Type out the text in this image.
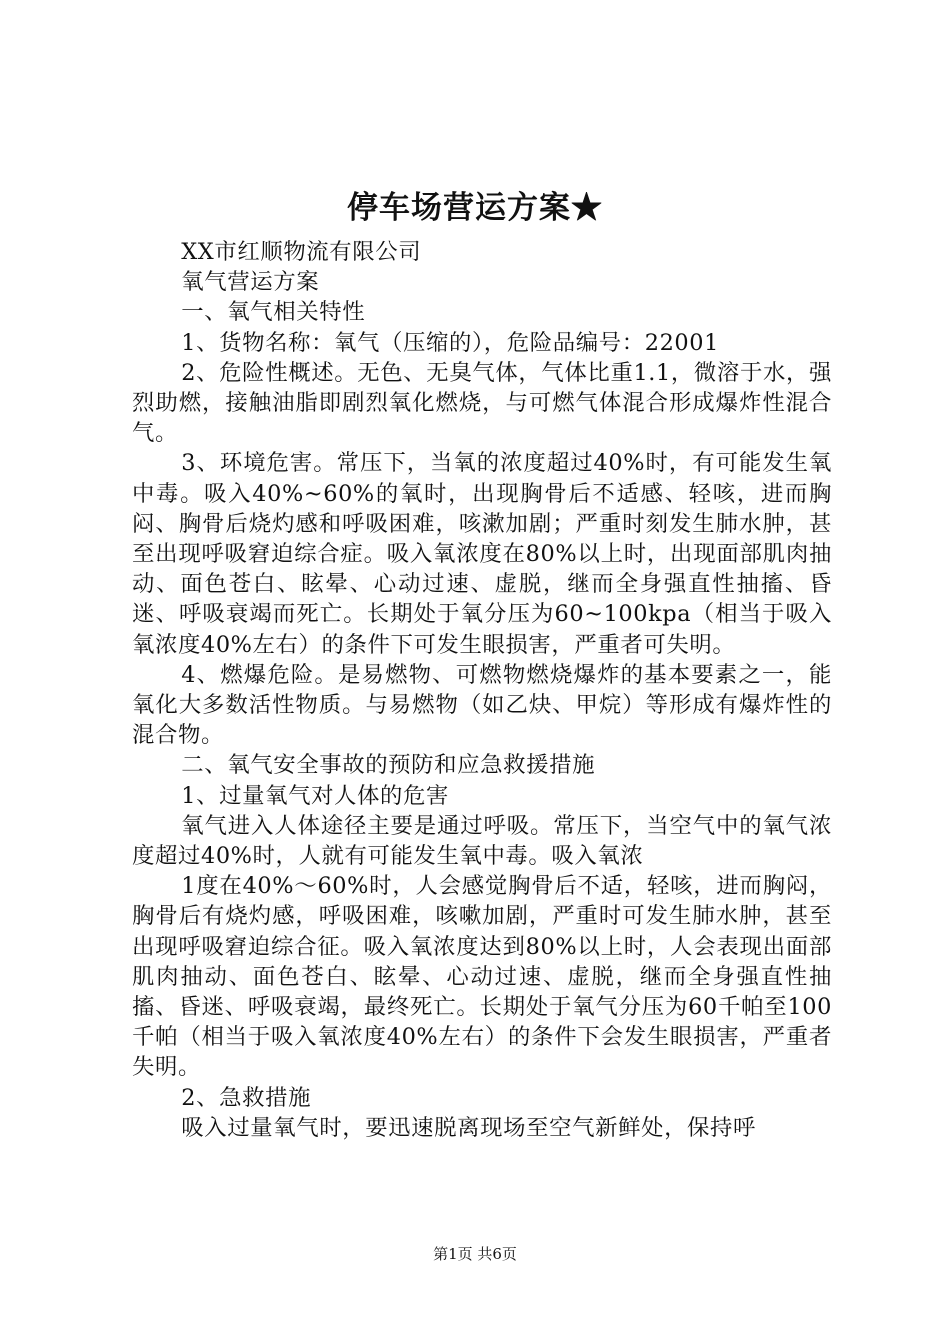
停车场营运方案★

XX市红顺物流有限公司

氧气营运方案

一、氧气相关特性

1、货物名称：氧气（压缩的），危险品编号：22001

2、危险性概述。无色、无臭气体，气体比重1.1，微溶于水，强烈助燃，接触油脂即剧烈氧化燃烧，与可燃气体混合形成爆炸性混合气。

3、环境危害。常压下，当氧的浓度超过40%时，有可能发生氧中毒。吸入40%~60%的氧时，出现胸骨后不适感、轻咳，进而胸闷、胸骨后烧灼感和呼吸困难，咳漱加剧；严重时刻发生肺水肿，甚至出现呼吸窘迫综合症。吸入氧浓度在80%以上时，出现面部肌肉抽动、面色苍白、眩晕、心动过速、虚脱，继而全身强直性抽搐、昏迷、呼吸衰竭而死亡。长期处于氧分压为60~100kpa（相当于吸入氧浓度40%左右）的条件下可发生眼损害，严重者可失明。

4、燃爆危险。是易燃物、可燃物燃烧爆炸的基本要素之一，能氧化大多数活性物质。与易燃物（如乙炔、甲烷）等形成有爆炸性的混合物。

二、氧气安全事故的预防和应急救援措施

1、过量氧气对人体的危害

氧气进入人体途径主要是通过呼吸。常压下，当空气中的氧气浓度超过40%时，人就有可能发生氧中毒。吸入氧浓

1度在40%～60%时，人会感觉胸骨后不适，轻咳，进而胸闷，胸骨后有烧灼感，呼吸困难，咳嗽加剧，严重时可发生肺水肿，甚至出现呼吸窘迫综合征。吸入氧浓度达到80%以上时，人会表现出面部肌肉抽动、面色苍白、眩晕、心动过速、虚脱，继而全身强直性抽搐、昏迷、呼吸衰竭，最终死亡。长期处于氧气分压为60千帕至100千帕（相当于吸入氧浓度40%左右）的条件下会发生眼损害，严重者失明。

2、急救措施

吸入过量氧气时，要迅速脱离现场至空气新鲜处，保持呼

第1页 共6页
